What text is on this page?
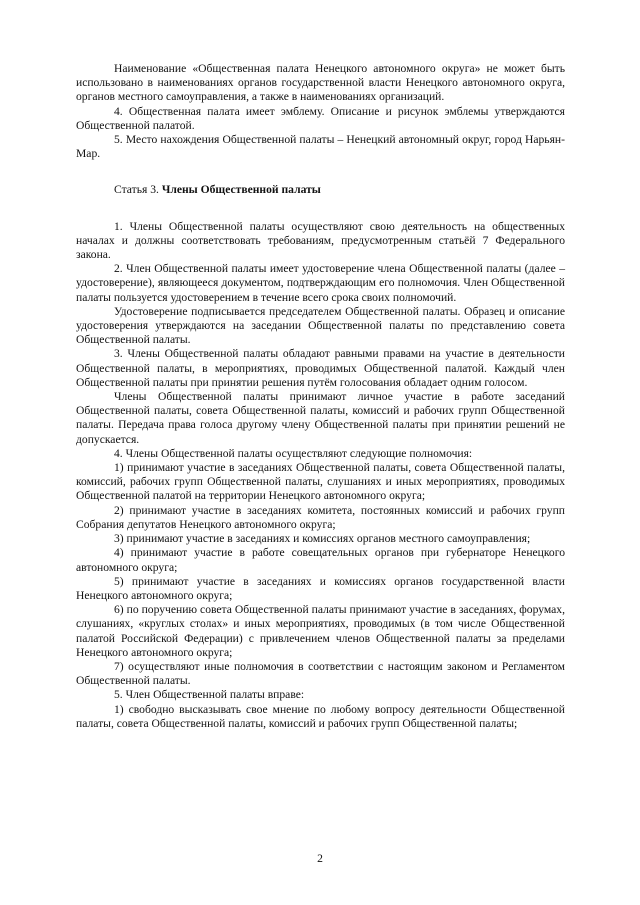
Наименование «Общественная палата Ненецкого автономного округа» не может быть использовано в наименованиях органов государственной власти Ненецкого автономного округа, органов местного самоуправления, а также в наименованиях организаций.

4. Общественная палата имеет эмблему. Описание и рисунок эмблемы утверждаются Общественной палатой.

5. Место нахождения Общественной палаты – Ненецкий автономный округ, город Нарьян-Мар.

Статья 3. Члены Общественной палаты

1. Члены Общественной палаты осуществляют свою деятельность на общественных началах и должны соответствовать требованиям, предусмотренным статьёй 7 Федерального закона.

2. Член Общественной палаты имеет удостоверение члена Общественной палаты (далее – удостоверение), являющееся документом, подтверждающим его полномочия. Член Общественной палаты пользуется удостоверением в течение всего срока своих полномочий.

Удостоверение подписывается председателем Общественной палаты. Образец и описание удостоверения утверждаются на заседании Общественной палаты по представлению совета Общественной палаты.

3. Члены Общественной палаты обладают равными правами на участие в деятельности Общественной палаты, в мероприятиях, проводимых Общественной палатой. Каждый член Общественной палаты при принятии решения путём голосования обладает одним голосом.

Члены Общественной палаты принимают личное участие в работе заседаний Общественной палаты, совета Общественной палаты, комиссий и рабочих групп Общественной палаты. Передача права голоса другому члену Общественной палаты при принятии решений не допускается.

4. Члены Общественной палаты осуществляют следующие полномочия:

1) принимают участие в заседаниях Общественной палаты, совета Общественной палаты, комиссий, рабочих групп Общественной палаты, слушаниях и иных мероприятиях, проводимых Общественной палатой на территории Ненецкого автономного округа;

2) принимают участие в заседаниях комитета, постоянных комиссий и рабочих групп Собрания депутатов Ненецкого автономного округа;

3) принимают участие в заседаниях и комиссиях органов местного самоуправления;

4) принимают участие в работе совещательных органов при губернаторе Ненецкого автономного округа;

5) принимают участие в заседаниях и комиссиях органов государственной власти Ненецкого автономного округа;

6) по поручению совета Общественной палаты принимают участие в заседаниях, форумах, слушаниях, «круглых столах» и иных мероприятиях, проводимых (в том числе Общественной палатой Российской Федерации) с привлечением членов Общественной палаты за пределами Ненецкого автономного округа;

7) осуществляют иные полномочия в соответствии с настоящим законом и Регламентом Общественной палаты.

5. Член Общественной палаты вправе:

1) свободно высказывать свое мнение по любому вопросу деятельности Общественной палаты, совета Общественной палаты, комиссий и рабочих групп Общественной палаты;

2
